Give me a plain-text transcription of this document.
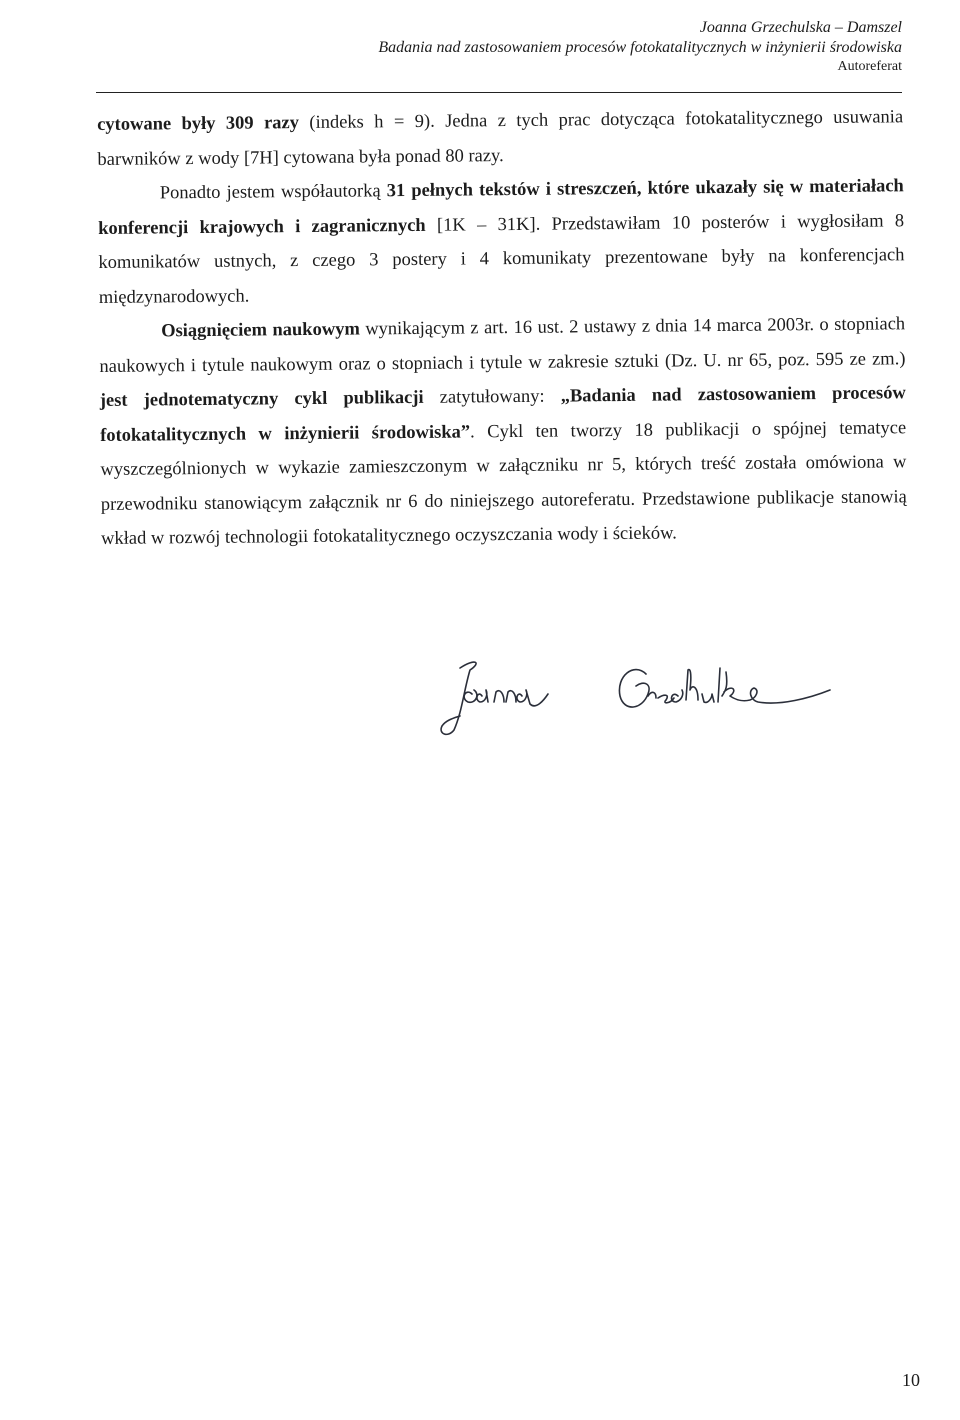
Joanna Grzechulska – Damszel
Badania nad zastosowaniem procesów fotokatalitycznych w inżynierii środowiska
Autoreferat

cytowane były 309 razy (indeks h = 9). Jedna z tych prac dotycząca fotokatalitycznego usuwania barwników z wody [7H] cytowana była ponad 80 razy.

Ponadto jestem współautorką 31 pełnych tekstów i streszczeń, które ukazały się w materiałach konferencji krajowych i zagranicznych [1K – 31K]. Przedstawiłam 10 posterów i wygłosiłam 8 komunikatów ustnych, z czego 3 postery i 4 komunikaty prezentowane były na konferencjach międzynarodowych.

Osiągnięciem naukowym wynikającym z art. 16 ust. 2 ustawy z dnia 14 marca 2003r. o stopniach naukowych i tytule naukowym oraz o stopniach i tytule w zakresie sztuki (Dz. U. nr 65, poz. 595 ze zm.) jest jednotematyczny cykl publikacji zatytułowany: „Badania nad zastosowaniem procesów fotokatalitycznych w inżynierii środowiska”. Cykl ten tworzy 18 publikacji o spójnej tematyce wyszczególnionych w wykazie zamieszczonym w załączniku nr 5, których treść została omówiona w przewodniku stanowiącym załącznik nr 6 do niniejszego autoreferatu. Przedstawione publikacje stanowią wkład w rozwój technologii fotokatalitycznego oczyszczania wody i ścieków.

10
